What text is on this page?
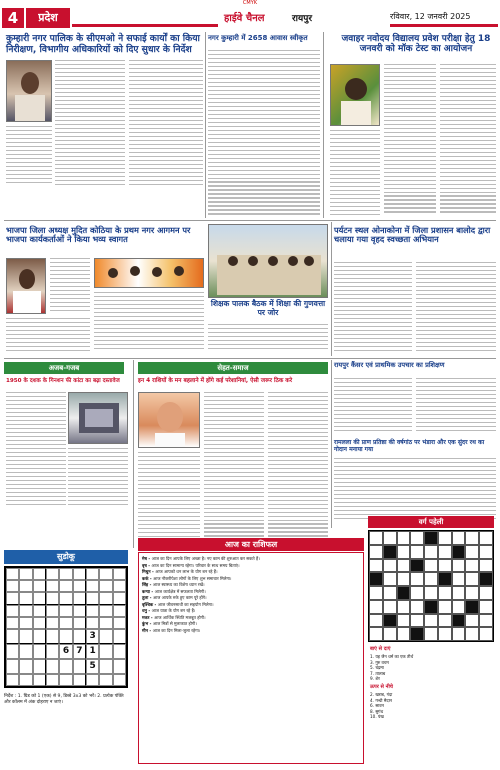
CMYK
4	प्रदेश	हाईवे चैनल	रायपुर	रविवार, 12 जनवरी 2025
कुम्हारी नगर पालिक के सीएमओ ने सफाई कार्यों का किया निरीक्षण, विभागीय अधिकारियों को दिए सुधार के निर्देश
नगर कुम्हारी में 2658 आवास स्वीकृत	जवाहर नवोदय विद्यालय प्रवेश परीक्षा हेतु 18 जनवरी को मॉक टेस्ट का आयोजन
भाजपा जिला अध्यक्ष मुदित कोठिया के प्रथम नगर आगमन पर भाजपा कार्यकर्ताओं ने किया भव्य स्वागत
शिक्षक पालक बैठक में शिक्षा की गुणवत्ता पर जोर
पर्यटन स्थल ओनाकोना में जिला प्रशासन बालोद द्वारा चलाया गया वृहद स्वच्छता अभियान
अजब-गजब
1950 के दशक के गिनशन फी कांटा का बढ़ा दस्तावेज
सेहत-समाज
इन 4 राशियों के मन बहलाने में होंगे कई परेशानियां, ऐसी जरूर ठिक करे
रायपुर कैंसर एवं प्राथमिक उपचार का प्रशिक्षण
रामलला की प्राण प्रतिष्ठा की वर्षगांठ पर भंडारा और एक सुंदर रथ का गोदान मनाया गया
वर्ग पहेली
बाएं से दाएं
1. यह जैन धर्म का एक तीर्थ
3. गुरु वचन
5. चंद्रमा
7. तालाब
9. शेर
ऊपर से नीचे
2. खराब, गंदा
4. गन्धी मैदान
6. सावन
8. सुगंध
10. पंख
सुडोकू
3
6 7 1
5
निर्देश : 1. ग्रिड को 1 (एक) से 9, डिब्बे 3x3 को भरें। 2. प्रत्येक पंक्ति और कॉलम में अंक दोहराए न जाएं।
आज का राशिफल
मेष - आज का दिन आपके लिए अच्छा है। नए काम की शुरुआत कर सकते हैं।
वृष - आज का दिन सामान्य रहेगा। परिवार के साथ समय बिताएं।
मिथुन - आज आपको धन लाभ के योग बन रहे हैं।
कर्क - आज नौकरीपेशा लोगों के लिए शुभ समाचार मिलेगा।
सिंह - आज स्वास्थ्य का विशेष ध्यान रखें।
कन्या - आज कार्यक्षेत्र में सफलता मिलेगी।
तुला - आज आपके रुके हुए काम पूरे होंगे।
वृश्चिक - आज जीवनसाथी का सहयोग मिलेगा।
धनु - आज यात्रा के योग बन रहे हैं।
मकर - आज आर्थिक स्थिति मजबूत होगी।
कुंभ - आज मित्रों से मुलाकात होगी।
मीन - आज का दिन मिला-जुला रहेगा।
